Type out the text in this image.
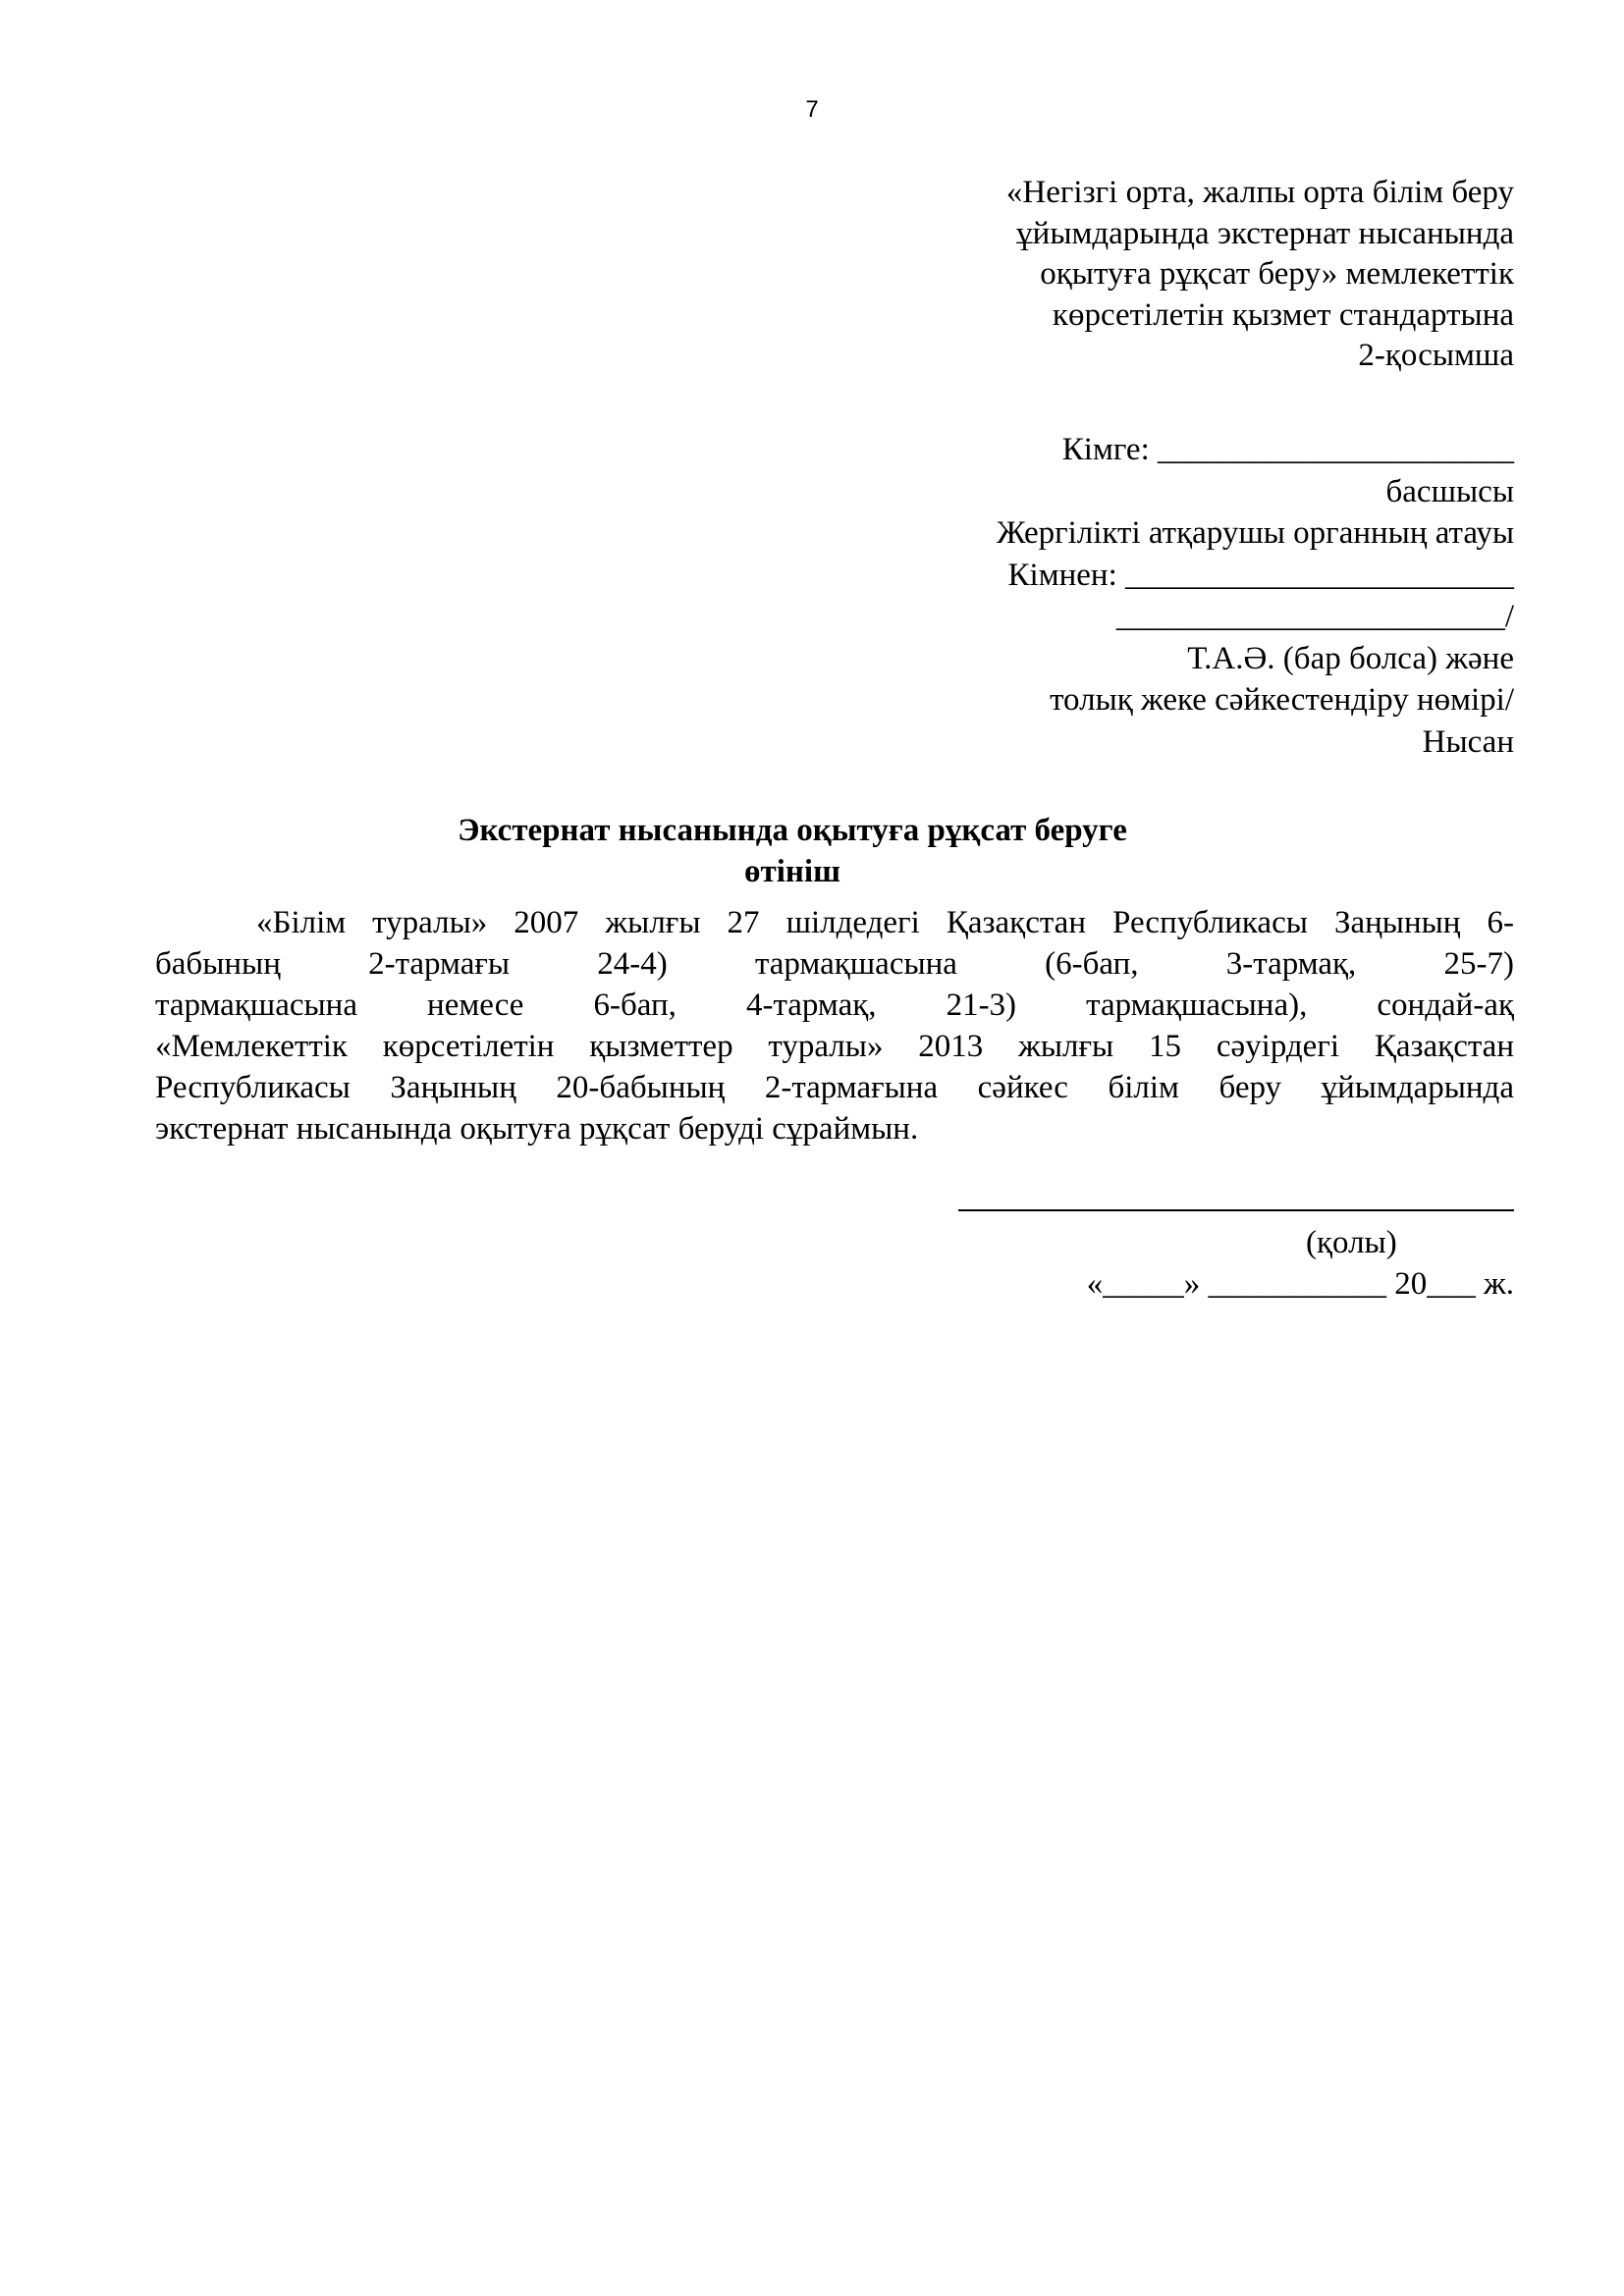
7
«Негізгі орта, жалпы орта білім беру
ұйымдарында экстернат нысанында
оқытуға рұқсат беру» мемлекеттік
көрсетілетін қызмет стандартына
2-қосымша
Кімге: ______________________
басшысы
Жергілікті атқарушы органның атауы
Кімнен: ________________________
________________________/
Т.А.Ә. (бар болса) және
толық жеке сәйкестендіру нөмірі/
Нысан
Экстернат нысанында оқытуға рұқсат беруге
өтініш
«Білім туралы» 2007 жылғы 27 шілдедегі Қазақстан Республикасы Заңының 6-
бабының 2-тармағы 24-4) тармақшасына (6-бап, 3-тармақ, 25-7)
тармақшасына немесе 6-бап, 4-тармақ, 21-3) тармақшасына), сондай-ақ
«Мемлекеттік көрсетілетін қызметтер туралы» 2013 жылғы 15 сәуірдегі Қазақстан
Республикасы Заңының 20-бабының 2-тармағына сәйкес білім беру ұйымдарында
экстернат нысанында оқытуға рұқсат беруді сұраймын.
(қолы)
«_____» ___________ 20___ ж.
